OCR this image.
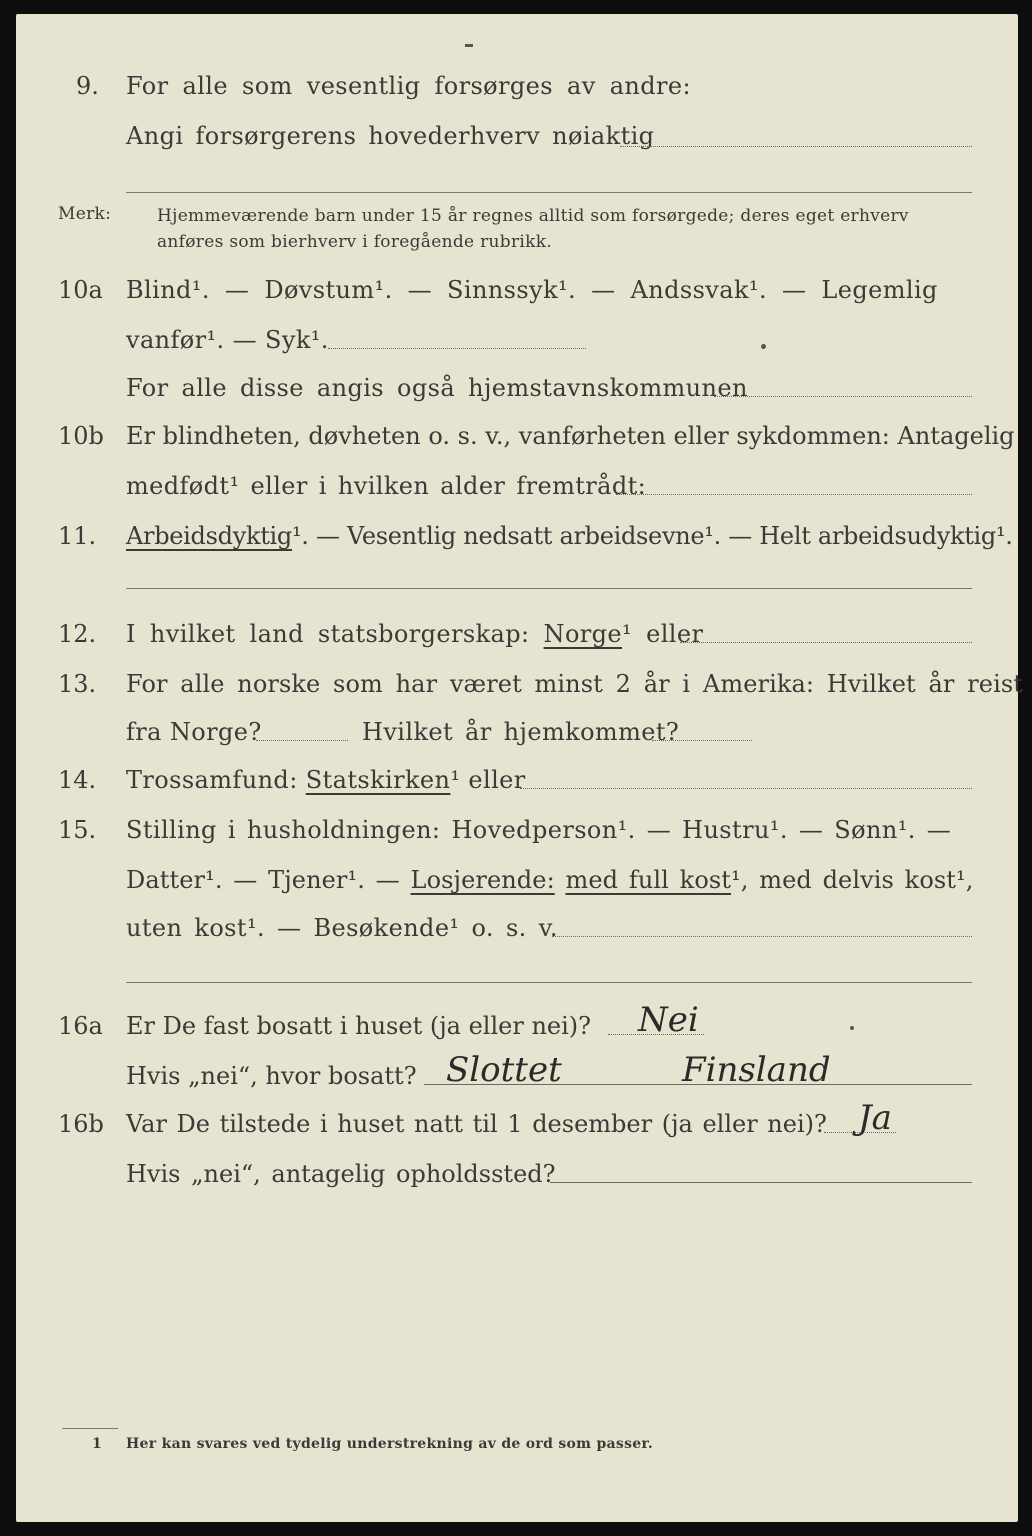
9. For alle som vesentlig forsørges av andre:
Angi forsørgerens hovederhverv nøiaktig
Merk:	Hjemmeværende barn under 15 år regnes alltid som forsørgede; deres eget erhverv
anføres som bierhverv i foregående rubrikk.
10a Blind¹. — Døvstum¹. — Sinnssyk¹. — Andssvak¹. — Legemlig
vanfør¹. — Syk¹.
For alle disse angis også hjemstavnskommunen
10b Er blindheten, døvheten o. s. v., vanførheten eller sykdommen: Antagelig
medfødt¹ eller i hvilken alder fremtrådt:
11. Arbeidsdyktig¹. — Vesentlig nedsatt arbeidsevne¹. — Helt arbeidsudyktig¹.
12. I hvilket land statsborgerskap: Norge¹ eller
13. For alle norske som har været minst 2 år i Amerika: Hvilket år reist
fra Norge?	Hvilket år hjemkommet?
14. Trossamfund: Statskirken¹ eller
15. Stilling i husholdningen: Hovedperson¹. — Hustru¹. — Sønn¹. —
Datter¹. — Tjener¹. — Losjerende: med full kost¹, med delvis kost¹,
uten kost¹. — Besøkende¹ o. s. v.
16a Er De fast bosatt i huset (ja eller nei)? Nei
Hvis „nei“, hvor bosatt? Slottet	Finsland
16b Var De tilstede i huset natt til 1 desember (ja eller nei)? Ja
Hvis „nei“, antagelig opholdssted?
1 Her kan svares ved tydelig understrekning av de ord som passer.
